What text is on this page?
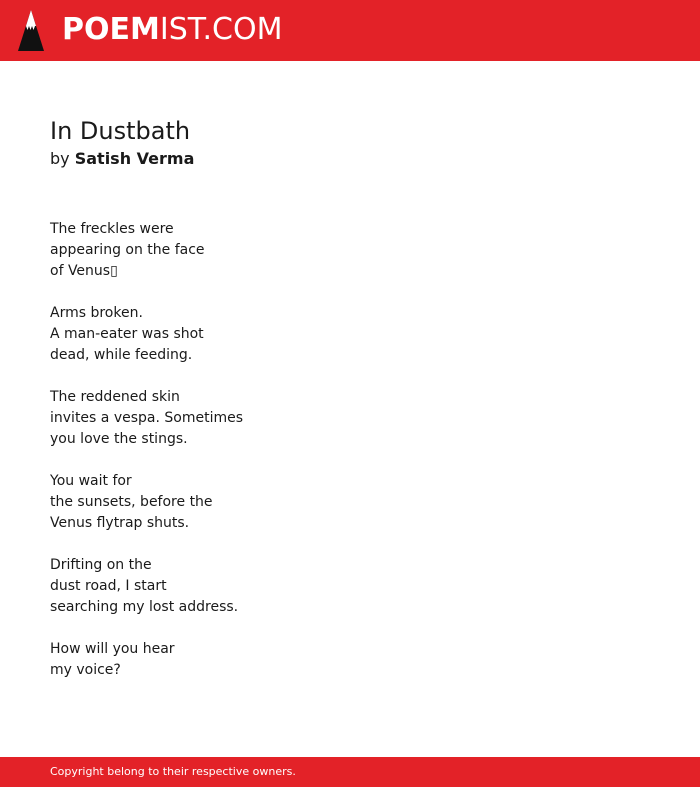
POEMIST.COM
In Dustbath
by Satish Verma
The freckles were
appearing on the face
of Venus▯
Arms broken.
A man-eater was shot
dead, while feeding.
The reddened skin
invites a vespa. Sometimes
you love the stings.
You wait for
the sunsets, before the
Venus flytrap shuts.
Drifting on the
dust road, I start
searching my lost address.
How will you hear
my voice?
Copyright belong to their respective owners.
